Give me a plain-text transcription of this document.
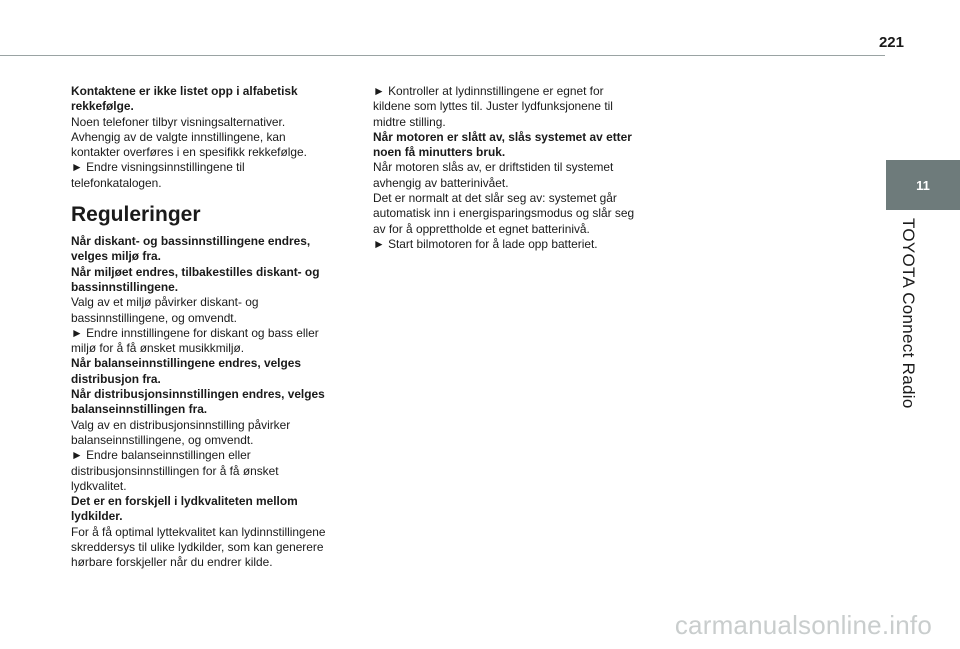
221
11
TOYOTA Connect Radio

Kontaktene er ikke listet opp i alfabetisk rekkefølge.

Noen telefoner tilbyr visningsalternativer. Avhengig av de valgte innstillingene, kan kontakter overføres i en spesifikk rekkefølge.

► Endre visningsinnstillingene til telefonkatalogen.

Reguleringer

Når diskant- og bassinnstillingene endres, velges miljø fra.

Når miljøet endres, tilbakestilles diskant- og bassinnstillingene.

Valg av et miljø påvirker diskant- og bassinnstillingene, og omvendt.

► Endre innstillingene for diskant og bass eller miljø for å få ønsket musikkmiljø.

Når balanseinnstillingene endres, velges distribusjon fra.

Når distribusjonsinnstillingen endres, velges balanseinnstillingen fra.

Valg av en distribusjonsinnstilling påvirker balanseinnstillingene, og omvendt.

► Endre balanseinnstillingen eller distribusjonsinnstillingen for å få ønsket lydkvalitet.

Det er en forskjell i lydkvaliteten mellom lydkilder.

For å få optimal lyttekvalitet kan lydinnstillingene skreddersys til ulike lydkilder, som kan generere hørbare forskjeller når du endrer kilde.

► Kontroller at lydinnstillingene er egnet for kildene som lyttes til. Juster lydfunksjonene til midtre stilling.

Når motoren er slått av, slås systemet av etter noen få minutters bruk.

Når motoren slås av, er driftstiden til systemet avhengig av batterinivået.

Det er normalt at det slår seg av: systemet går automatisk inn i energisparingsmodus og slår seg av for å opprettholde et egnet batterinivå.

► Start bilmotoren for å lade opp batteriet.

carmanualsonline.info
